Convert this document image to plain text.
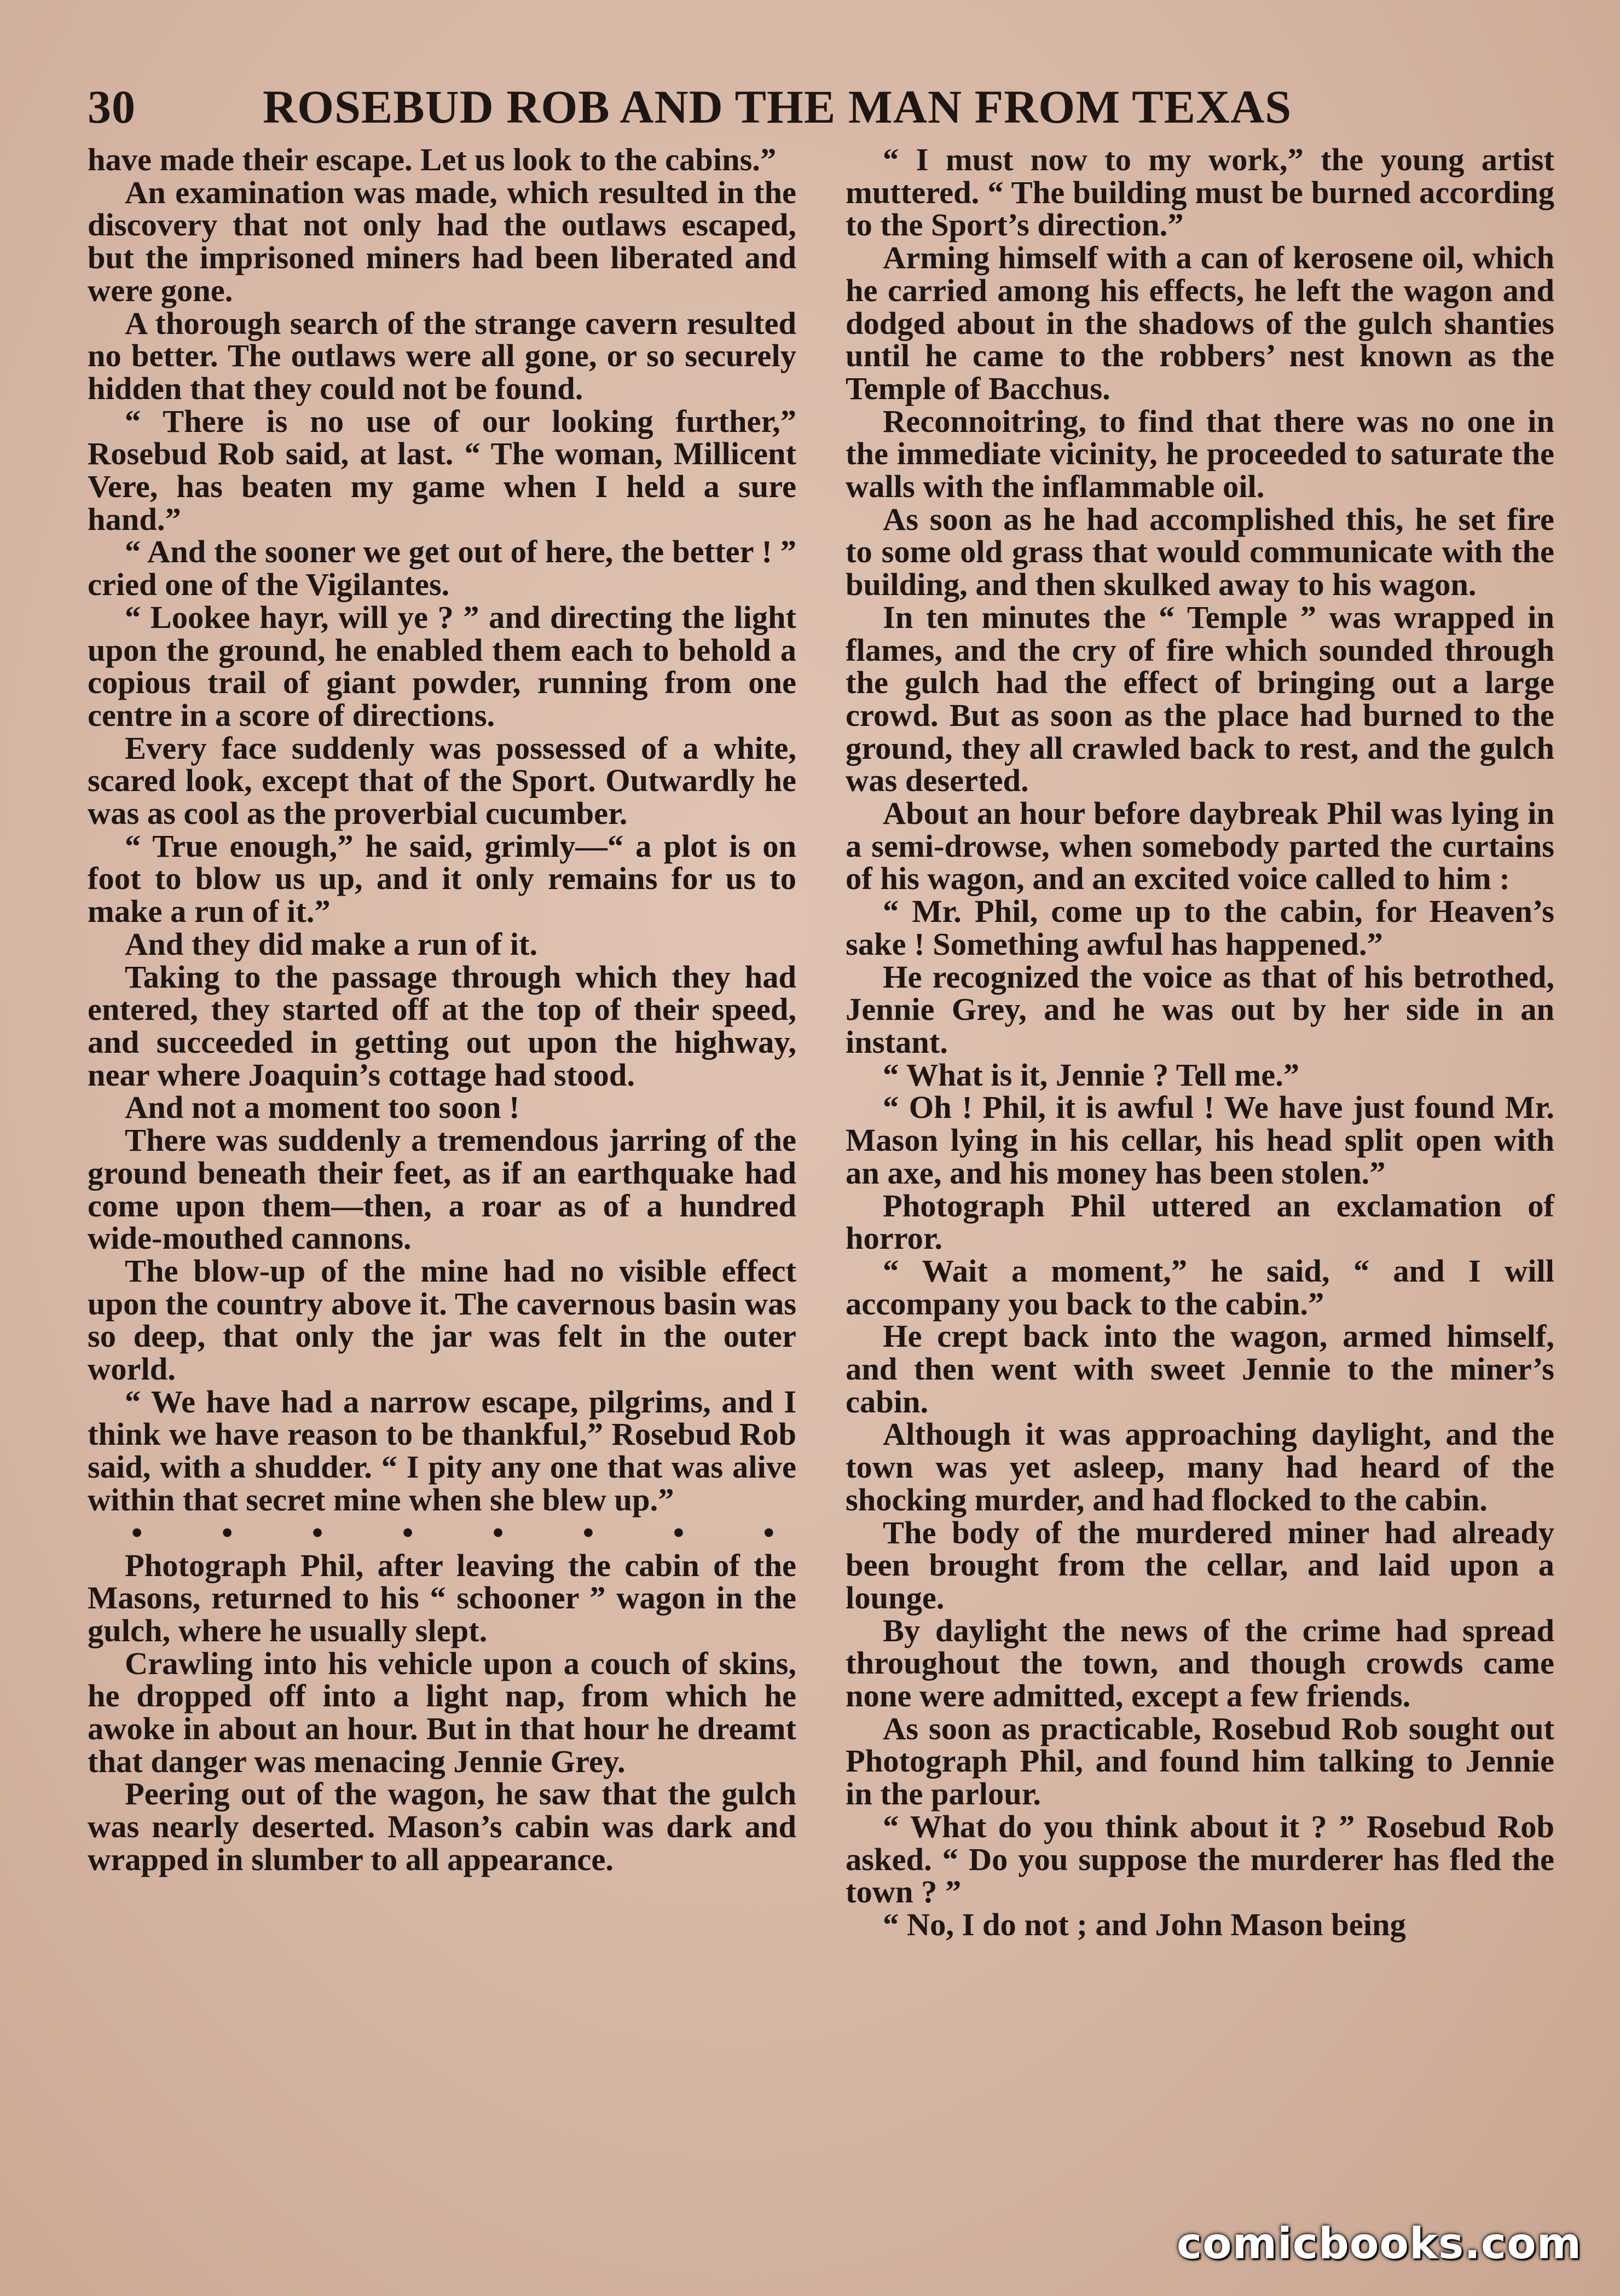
30	ROSEBUD ROB AND THE MAN FROM TEXAS

have made their escape. Let us look to the cabins.”

An examination was made, which resulted in the discovery that not only had the outlaws escaped, but the imprisoned miners had been liberated and were gone.

A thorough search of the strange cavern resulted no better. The outlaws were all gone, or so securely hidden that they could not be found.

“ There is no use of our looking further,” Rosebud Rob said, at last. “ The woman, Millicent Vere, has beaten my game when I held a sure hand.”

“ And the sooner we get out of here, the better ! ” cried one of the Vigilantes.

“ Lookee hayr, will ye ? ” and directing the light upon the ground, he enabled them each to behold a copious trail of giant powder, running from one centre in a score of directions.

Every face suddenly was possessed of a white, scared look, except that of the Sport. Outwardly he was as cool as the proverbial cucumber.

“ True enough,” he said, grimly—“ a plot is on foot to blow us up, and it only remains for us to make a run of it.”

And they did make a run of it.

Taking to the passage through which they had entered, they started off at the top of their speed, and succeeded in getting out upon the highway, near where Joaquin’s cottage had stood.

And not a moment too soon !

There was suddenly a tremendous jarring of the ground beneath their feet, as if an earthquake had come upon them—then, a roar as of a hundred wide-mouthed cannons.

The blow-up of the mine had no visible effect upon the country above it. The cavernous basin was so deep, that only the jar was felt in the outer world.

“ We have had a narrow escape, pilgrims, and I think we have reason to be thankful,” Rosebud Rob said, with a shudder. “ I pity any one that was alive within that secret mine when she blew up.”

• • • • • • • •

Photograph Phil, after leaving the cabin of the Masons, returned to his “ schooner ” wagon in the gulch, where he usually slept.

Crawling into his vehicle upon a couch of skins, he dropped off into a light nap, from which he awoke in about an hour. But in that hour he dreamt that danger was menacing Jennie Grey.

Peering out of the wagon, he saw that the gulch was nearly deserted. Mason’s cabin was dark and wrapped in slumber to all appearance.

“ I must now to my work,” the young artist muttered. “ The building must be burned according to the Sport’s direction.”

Arming himself with a can of kerosene oil, which he carried among his effects, he left the wagon and dodged about in the shadows of the gulch shanties until he came to the robbers’ nest known as the Temple of Bacchus.

Reconnoitring, to find that there was no one in the immediate vicinity, he proceeded to saturate the walls with the inflammable oil.

As soon as he had accomplished this, he set fire to some old grass that would communicate with the building, and then skulked away to his wagon.

In ten minutes the “ Temple ” was wrapped in flames, and the cry of fire which sounded through the gulch had the effect of bringing out a large crowd. But as soon as the place had burned to the ground, they all crawled back to rest, and the gulch was deserted.

About an hour before daybreak Phil was lying in a semi-drowse, when somebody parted the curtains of his wagon, and an excited voice called to him :

“ Mr. Phil, come up to the cabin, for Heaven’s sake ! Something awful has happened.”

He recognized the voice as that of his betrothed, Jennie Grey, and he was out by her side in an instant.

“ What is it, Jennie ? Tell me.”

“ Oh ! Phil, it is awful ! We have just found Mr. Mason lying in his cellar, his head split open with an axe, and his money has been stolen.”

Photograph Phil uttered an exclamation of horror.

“ Wait a moment,” he said, “ and I will accompany you back to the cabin.”

He crept back into the wagon, armed himself, and then went with sweet Jennie to the miner’s cabin.

Although it was approaching daylight, and the town was yet asleep, many had heard of the shocking murder, and had flocked to the cabin.

The body of the murdered miner had already been brought from the cellar, and laid upon a lounge.

By daylight the news of the crime had spread throughout the town, and though crowds came none were admitted, except a few friends.

As soon as practicable, Rosebud Rob sought out Photograph Phil, and found him talking to Jennie in the parlour.

“ What do you think about it ? ” Rosebud Rob asked. “ Do you suppose the murderer has fled the town ? ”

“ No, I do not ; and John Mason being

comicbooks.com
